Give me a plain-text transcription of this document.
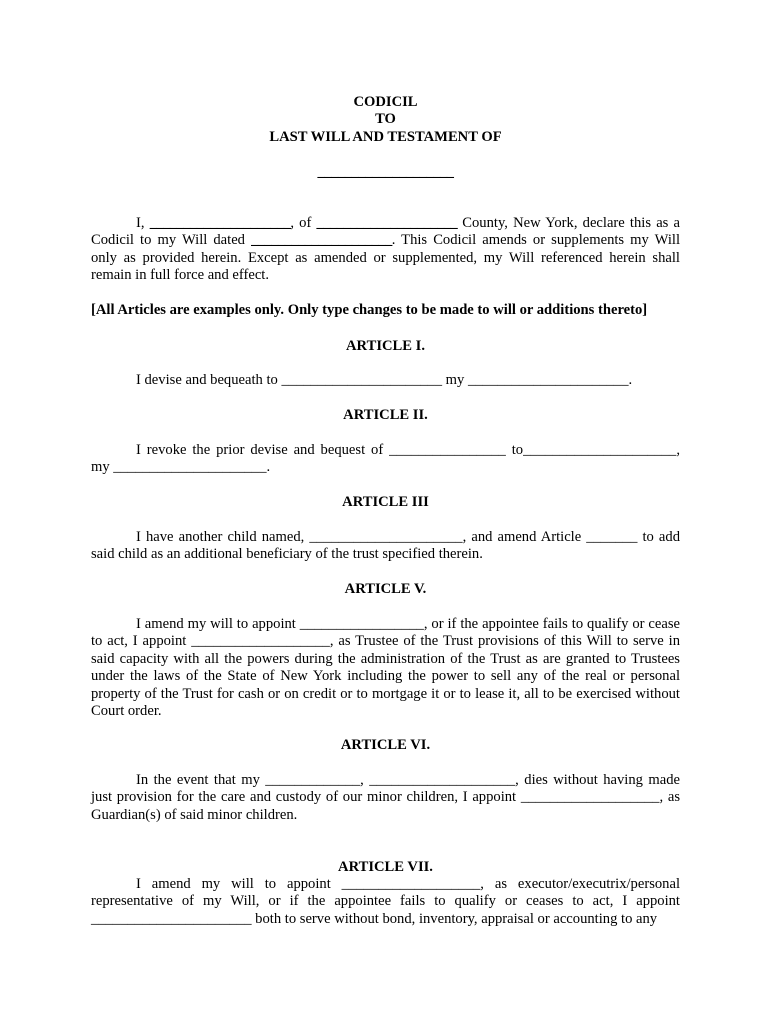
CODICIL
TO
LAST WILL AND TESTAMENT OF
____________________

I, _____________________, of _____________________ County, New York, declare this as a Codicil to my Will dated _____________________. This Codicil amends or supplements my Will only as provided herein. Except as amended or supplemented, my Will referenced herein shall remain in full force and effect.

[All Articles are examples only. Only type changes to be made to will or additions thereto]

ARTICLE I.

I devise and bequeath to ______________________ my ______________________.

ARTICLE II.

I revoke the prior devise and bequest of ________________ to_____________________, my _____________________.

ARTICLE III

I have another child named, _____________________, and amend Article _______ to add said child as an additional beneficiary of the trust specified therein.

ARTICLE V.

I amend my will to appoint _________________, or if the appointee fails to qualify or cease to act, I appoint ___________________, as Trustee of the Trust provisions of this Will to serve in said capacity with all the powers during the administration of the Trust as are granted to Trustees under the laws of the State of New York including the power to sell any of the real or personal property of the Trust for cash or on credit or to mortgage it or to lease it, all to be exercised without Court order.

ARTICLE VI.

In the event that my _____________, ____________________, dies without having made just provision for the care and custody of our minor children, I appoint ___________________, as Guardian(s) of said minor children.

ARTICLE VII.

I amend my will to appoint ___________________, as executor/executrix/personal representative of my Will, or if the appointee fails to qualify or ceases to act, I appoint ______________________ both to serve without bond, inventory, appraisal or accounting to any
